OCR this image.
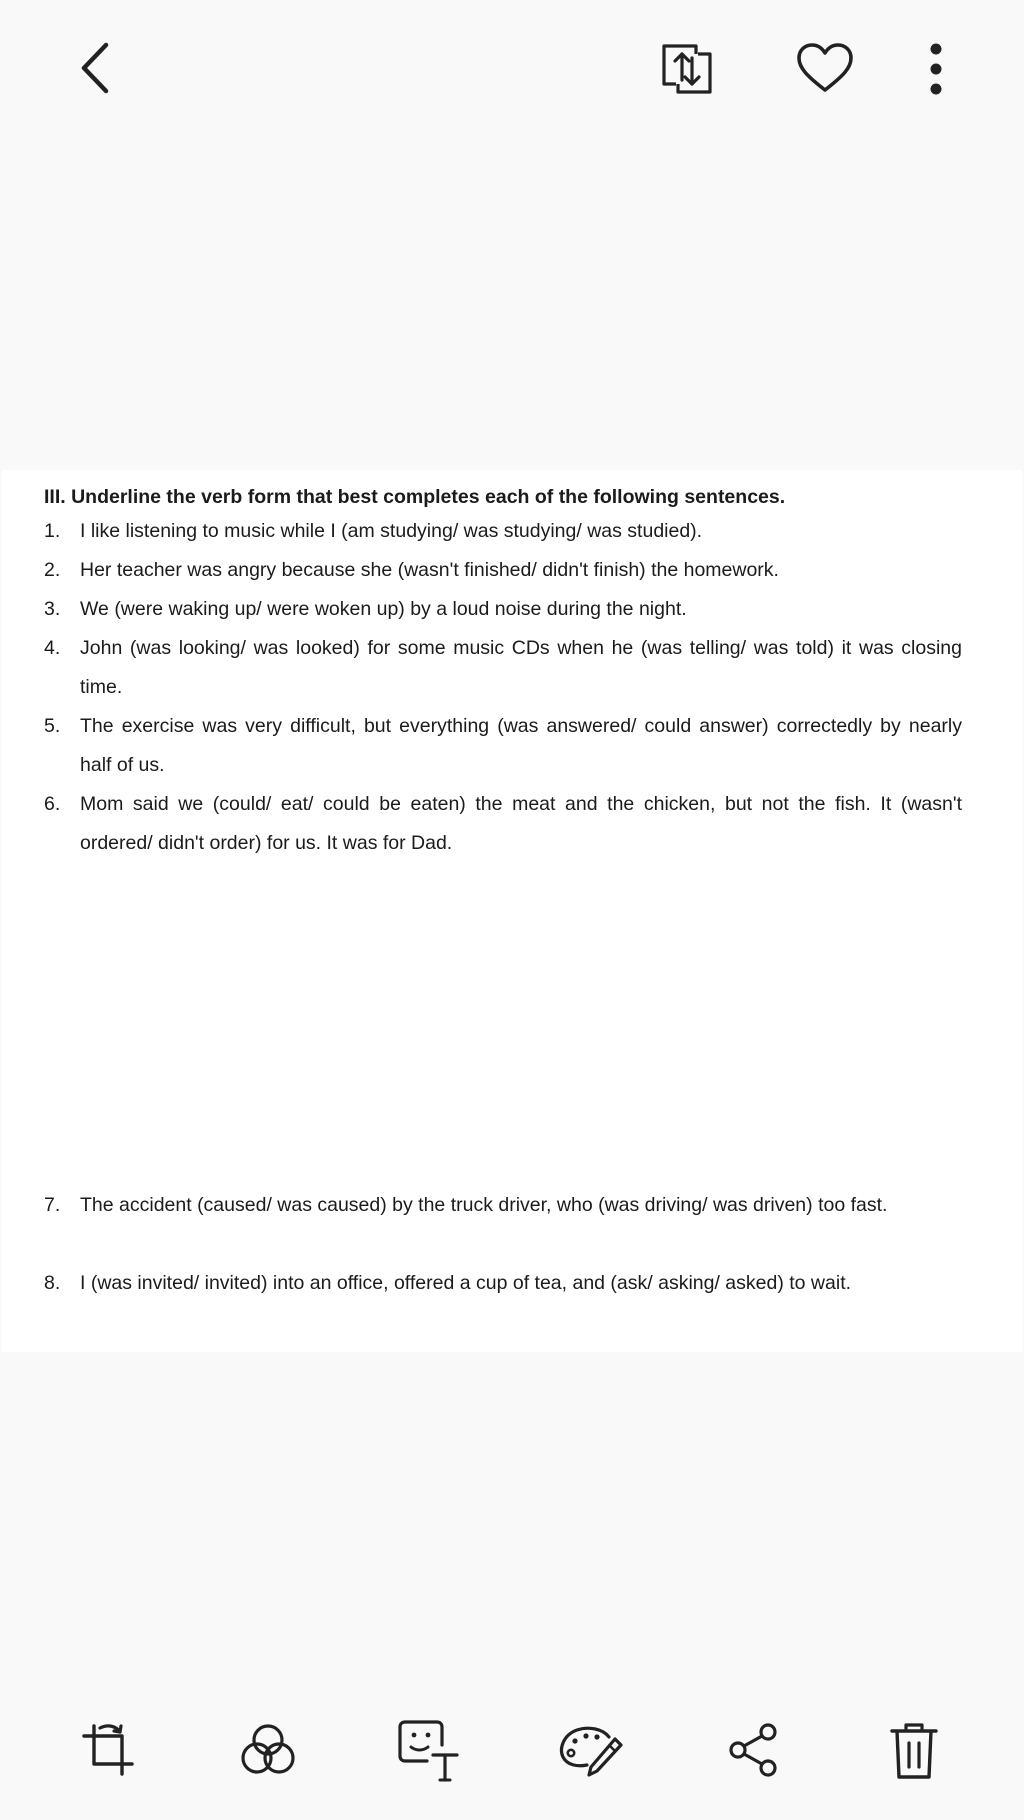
III. Underline the verb form that best completes each of the following sentences.
1.	I like listening to music while I (am studying/ was studying/ was studied).
2.	Her teacher was angry because she (wasn't finished/ didn't finish) the homework.
3.	We (were waking up/ were woken up) by a loud noise during the night.
4.	John (was looking/ was looked) for some music CDs when he (was telling/ was told) it was closing time.
5.	The exercise was very difficult, but everything (was answered/ could answer) correctedly by nearly half of us.
6.	Mom said we (could/ eat/ could be eaten) the meat and the chicken, but not the fish. It (wasn't ordered/ didn't order) for us. It was for Dad.
7.	The accident (caused/ was caused) by the truck driver, who (was driving/ was driven) too fast.
8.	I (was invited/ invited) into an office, offered a cup of tea, and (ask/ asking/ asked) to wait.
